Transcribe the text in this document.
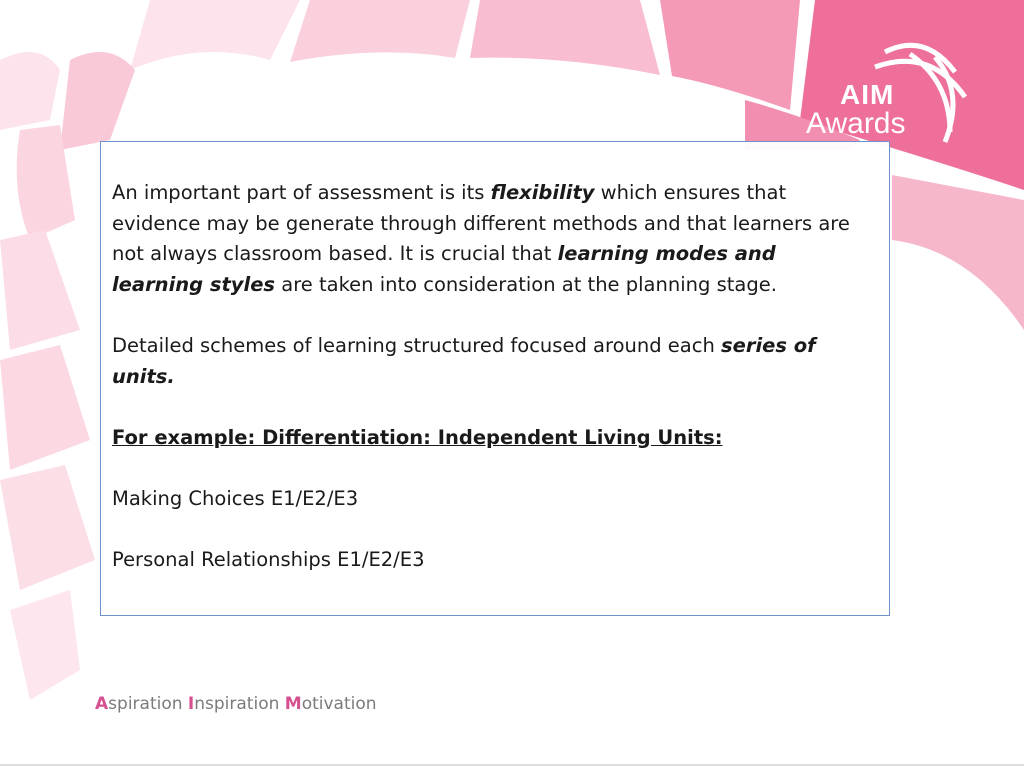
AIM
Awards

An important part of assessment is its flexibility which ensures that evidence may be generate through different methods and that learners are not always classroom based. It is crucial that learning modes and learning styles are taken into consideration at the planning stage.

Detailed schemes of learning structured focused around each series of units.

For example: Differentiation: Independent Living Units:

Making Choices E1/E2/E3

Personal Relationships E1/E2/E3

Aspiration Inspiration Motivation
